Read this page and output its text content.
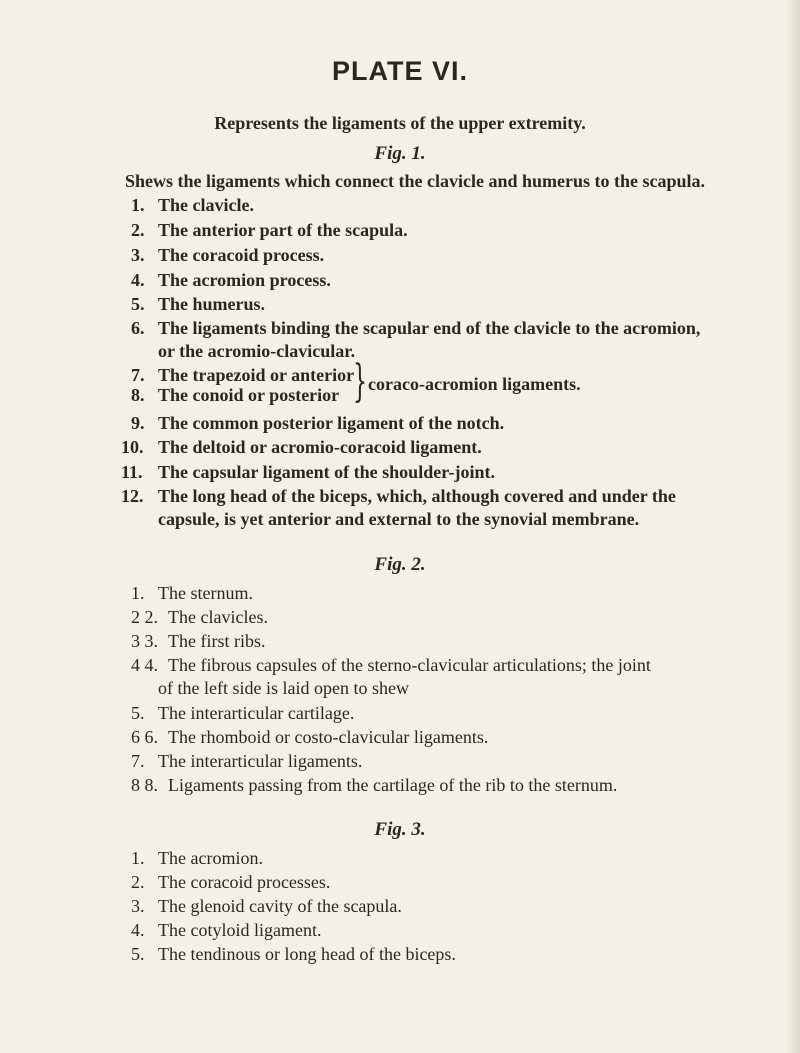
PLATE VI.
Represents the ligaments of the upper extremity.
Fig. 1.
Shews the ligaments which connect the clavicle and humerus to the scapula.
1. The clavicle.
2. The anterior part of the scapula.
3. The coracoid process.
4. The acromion process.
5. The humerus.
6. The ligaments binding the scapular end of the clavicle to the acromion,
or the acromio-clavicular.
7. The trapezoid or anterior
8. The conoid or posterior } coraco-acromion ligaments.
9. The common posterior ligament of the notch.
10. The deltoid or acromio-coracoid ligament.
11. The capsular ligament of the shoulder-joint.
12. The long head of the biceps, which, although covered and under the
capsule, is yet anterior and external to the synovial membrane.
Fig. 2.
1. The sternum.
2 2. The clavicles.
3 3. The first ribs.
4 4. The fibrous capsules of the sterno-clavicular articulations; the joint
of the left side is laid open to shew
5. The interarticular cartilage.
6 6. The rhomboid or costo-clavicular ligaments.
7. The interarticular ligaments.
8 8. Ligaments passing from the cartilage of the rib to the sternum.
Fig. 3.
1. The acromion.
2. The coracoid processes.
3. The glenoid cavity of the scapula.
4. The cotyloid ligament.
5. The tendinous or long head of the biceps.
